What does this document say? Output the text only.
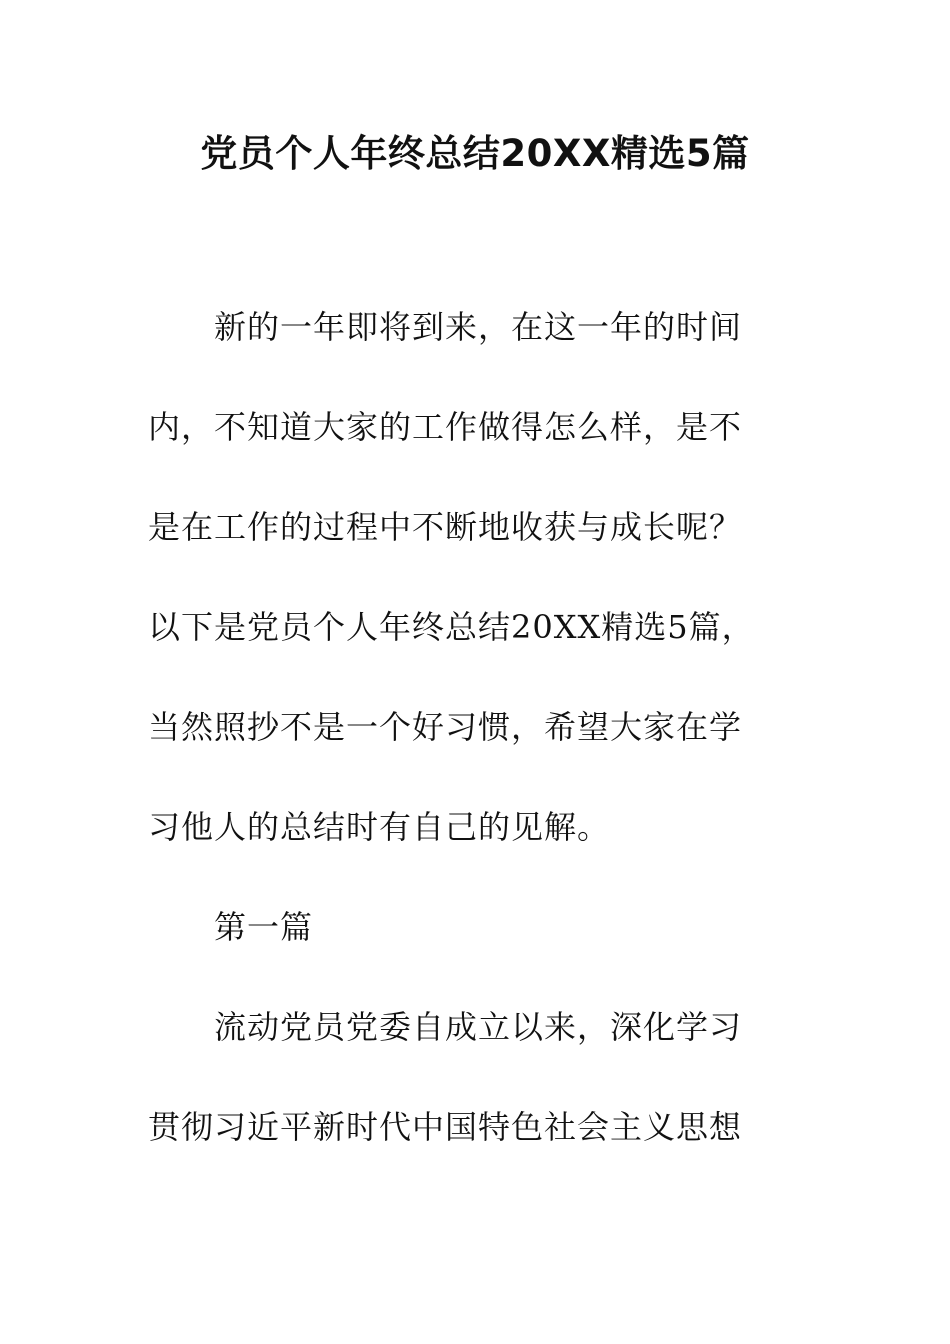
党员个人年终总结20XX精选5篇
新的一年即将到来，在这一年的时间
内，不知道大家的工作做得怎么样，是不
是在工作的过程中不断地收获与成长呢？
以下是党员个人年终总结20XX精选5篇，
当然照抄不是一个好习惯，希望大家在学
习他人的总结时有自己的见解。
第一篇
流动党员党委自成立以来，深化学习
贯彻习近平新时代中国特色社会主义思想
